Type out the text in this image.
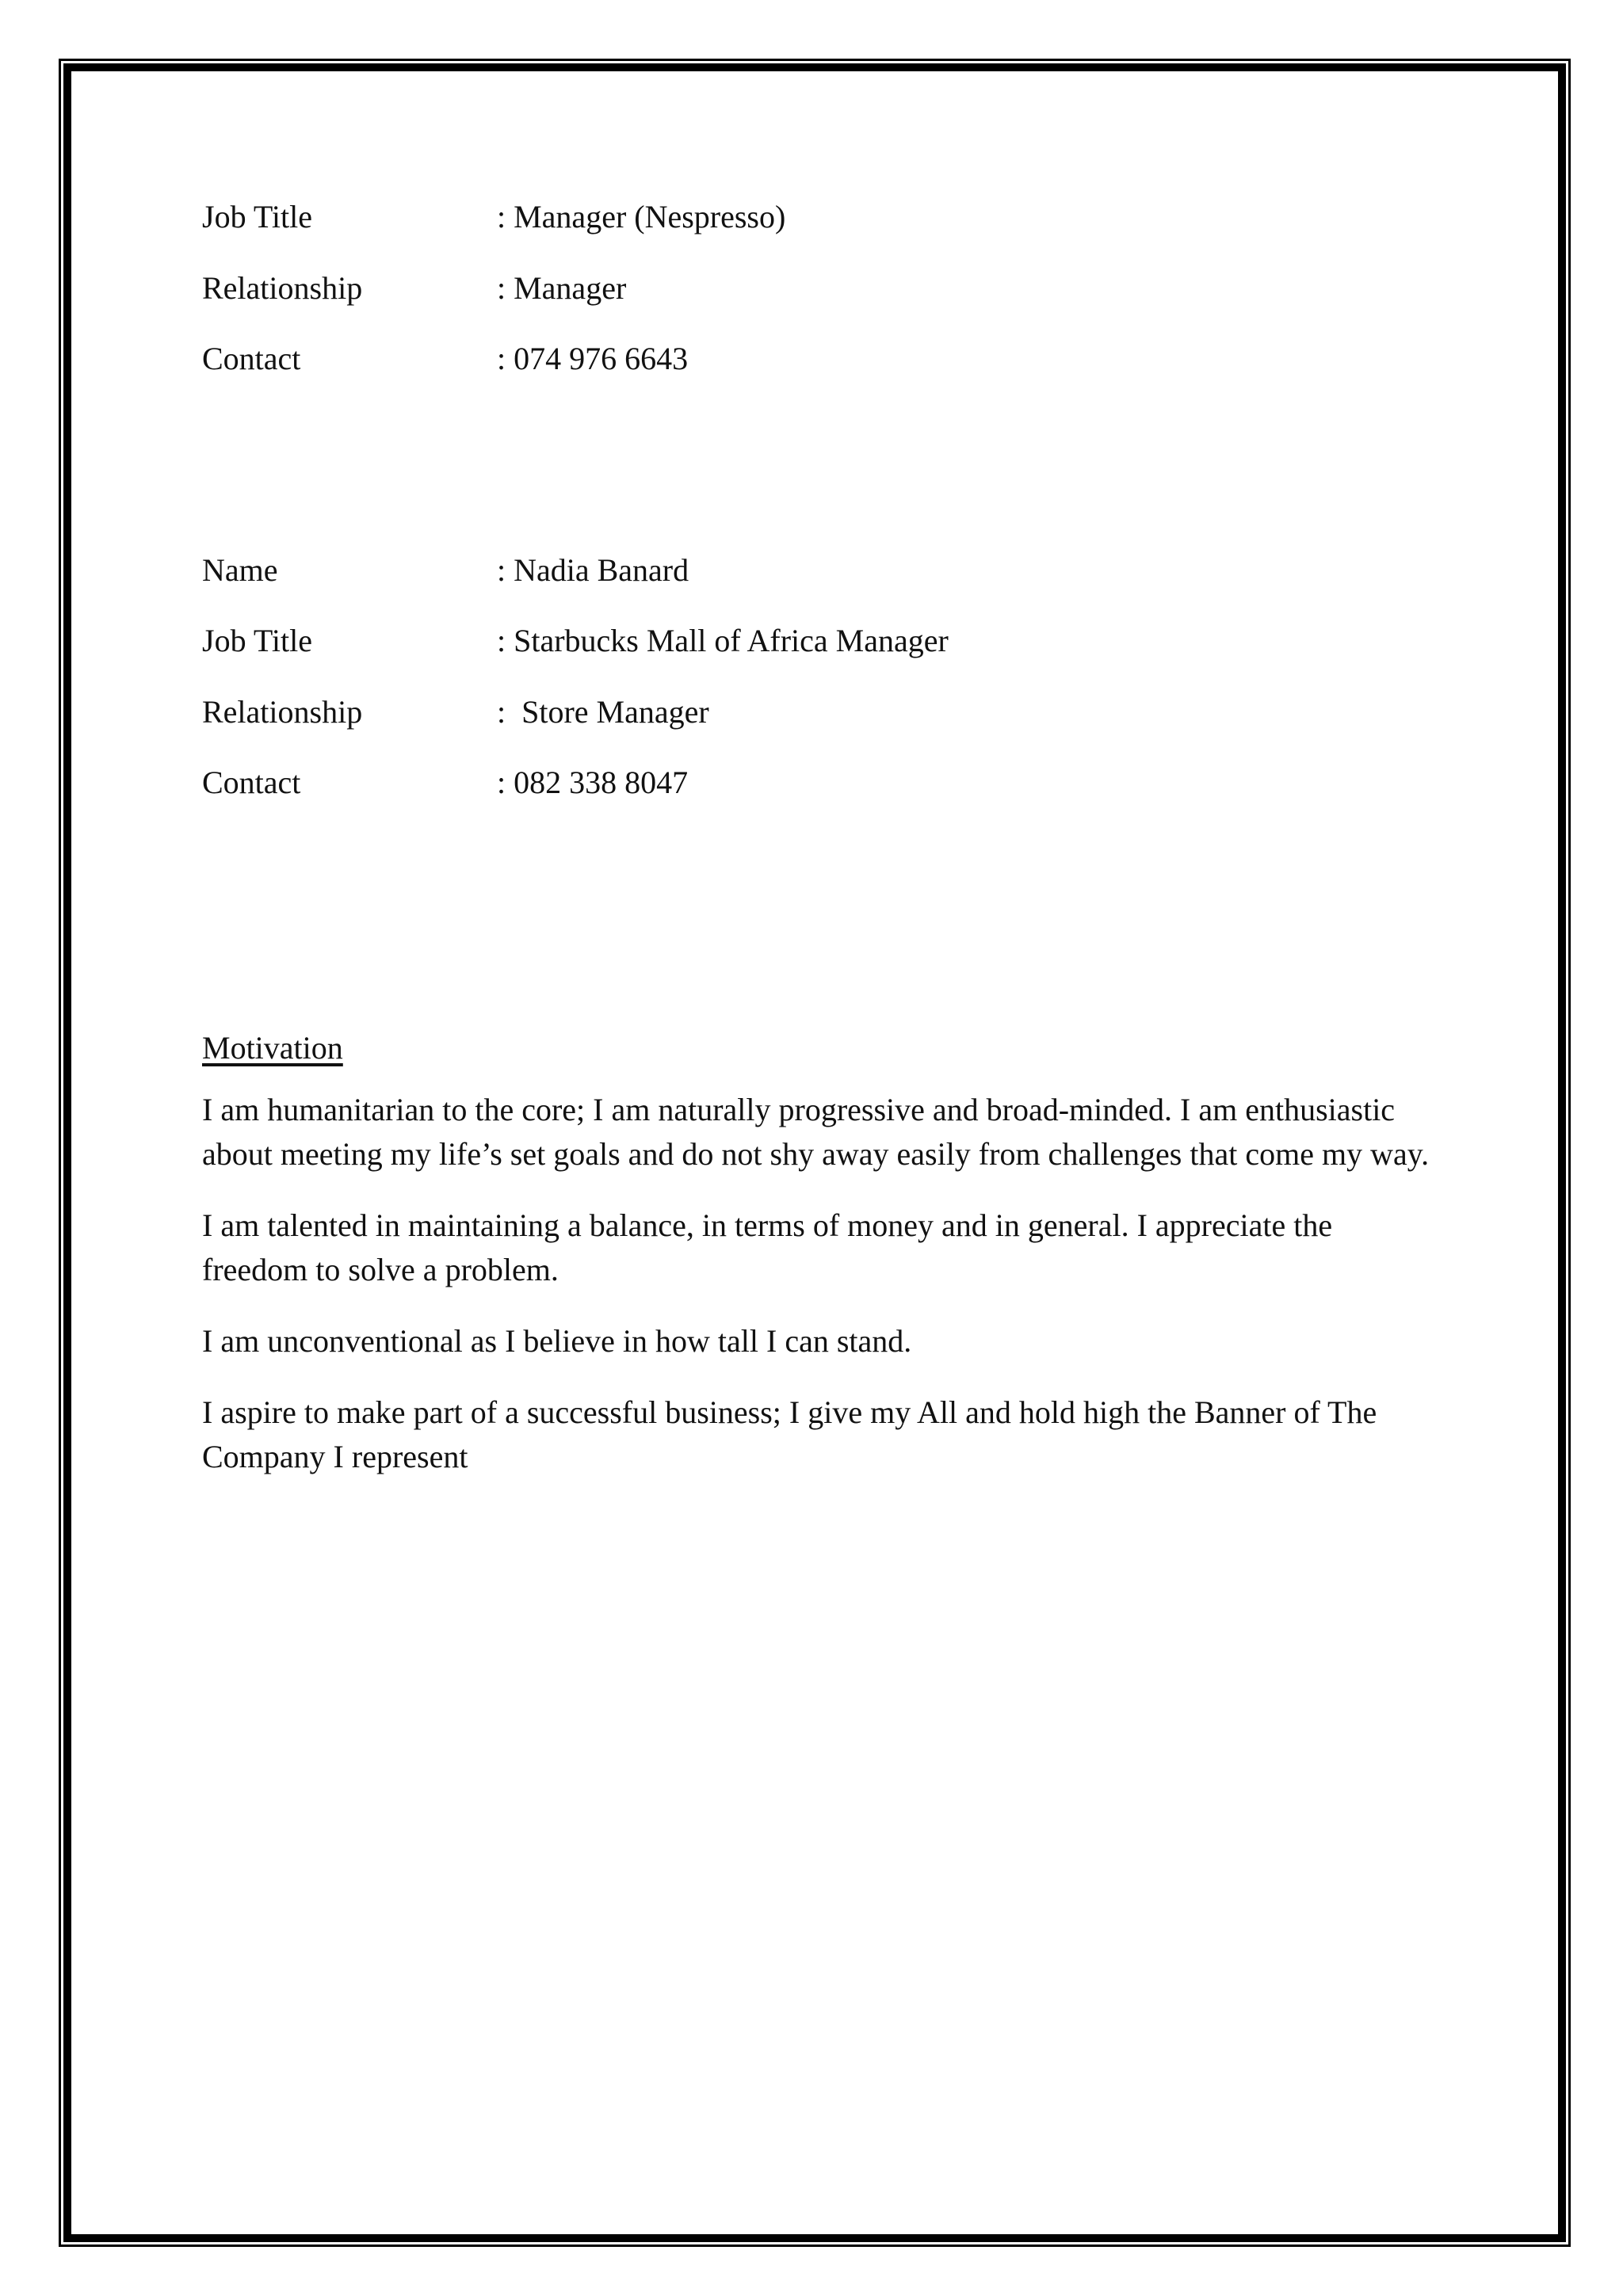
Job Title	: Manager (Nespresso)
Relationship	: Manager
Contact	: 074 976 6643
Name	: Nadia Banard
Job Title	: Starbucks Mall of Africa Manager
Relationship	:  Store Manager
Contact	: 082 338 8047
Motivation

I am humanitarian to the core; I am naturally progressive and broad-minded. I am enthusiastic about meeting my life’s set goals and do not shy away easily from challenges that come my way.

I am talented in maintaining a balance, in terms of money and in general. I appreciate the freedom to solve a problem.

I am unconventional as I believe in how tall I can stand.

I aspire to make part of a successful business; I give my All and hold high the Banner of The Company I represent
